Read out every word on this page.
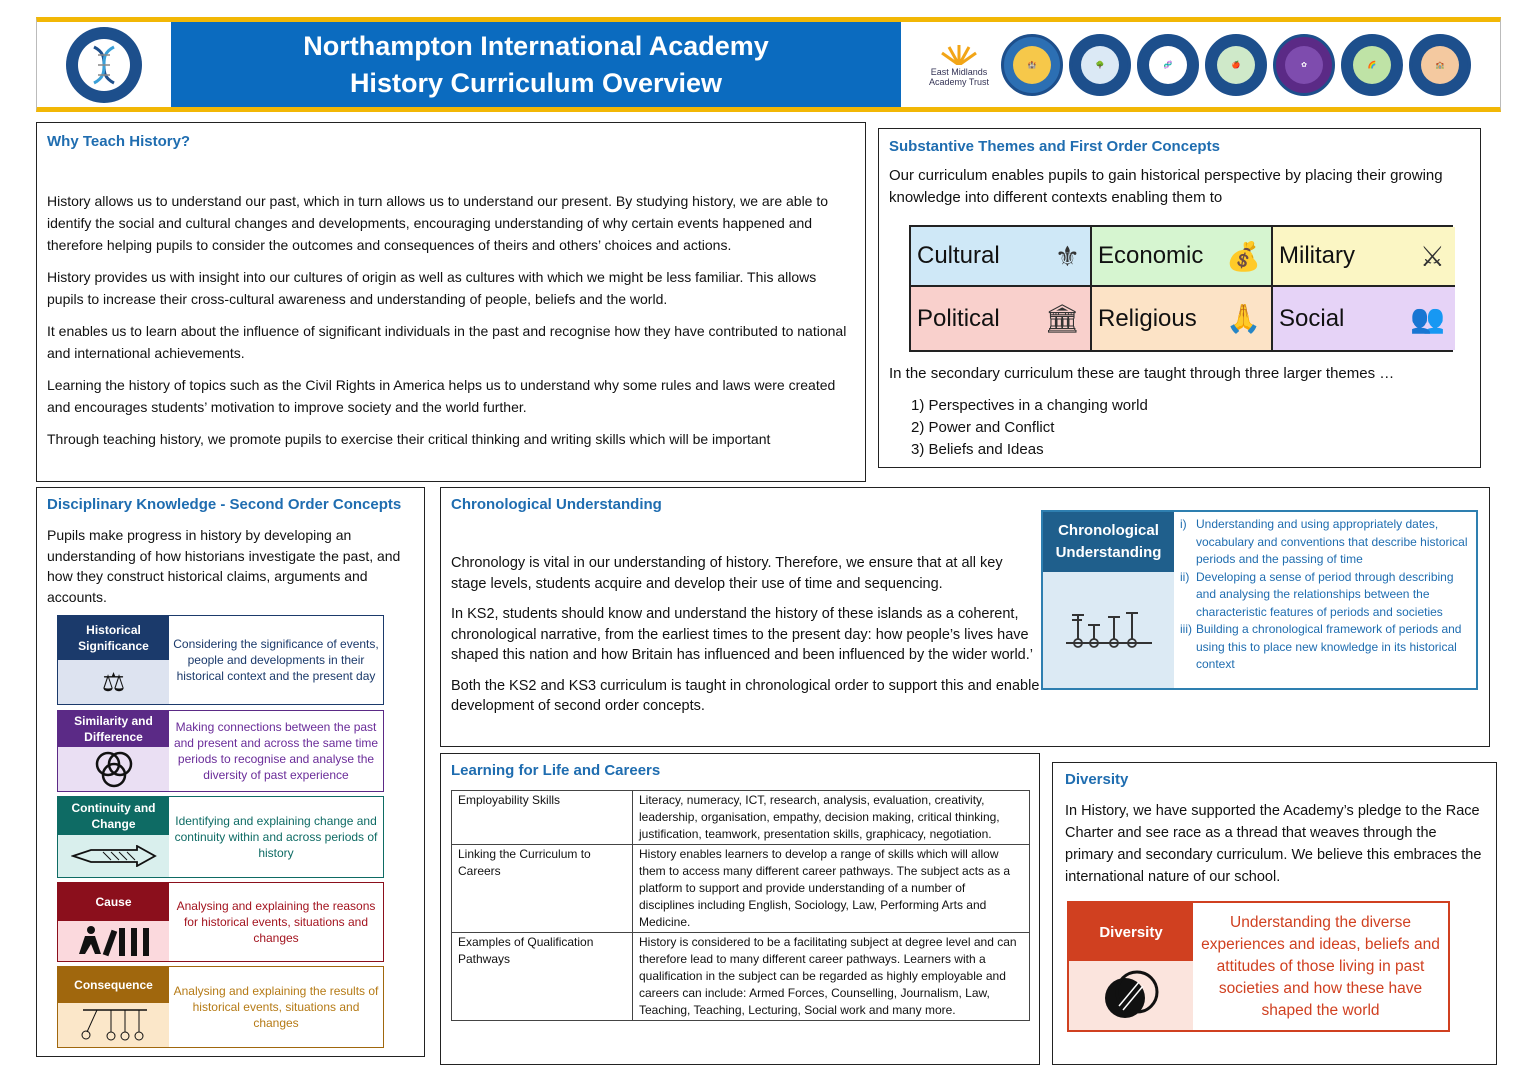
Northampton International Academy
History Curriculum Overview	East Midlands Academy Trust
🏰	🌳	🧬	🍎	✿	🌈	🏫
Why Teach History?

History allows us to understand our past, which in turn allows us to understand our present. By studying history, we are able to identify the social and cultural changes and developments, encouraging understanding of why certain events happened and therefore helping pupils to consider the outcomes and consequences of theirs and others’ choices and actions.

History provides us with insight into our cultures of origin as well as cultures with which we might be less familiar. This allows pupils to increase their cross-cultural awareness and understanding of people, beliefs and the world.

It enables us to learn about the influence of significant individuals in the past and recognise how they have contributed to national and international achievements.

Learning the history of topics such as the Civil Rights in America helps us to understand why some rules and laws were created and encourages students’ motivation to improve society and the world further.

Through teaching history, we promote pupils to exercise their critical thinking and writing skills which will be important

Substantive Themes and First Order Concepts
Our curriculum enables pupils to gain historical perspective by placing their growing knowledge into different contexts enabling them to
Cultural ⚜ Economic 💰 Military ⚔
Political 🏛 Religious 🙏 Social 👥
In the secondary curriculum these are taught through three larger themes …
1) Perspectives in a changing world
2) Power and Conflict
3) Beliefs and Ideas
Disciplinary Knowledge - Second Order Concepts
Pupils make progress in history by developing an understanding of how historians investigate the past, and how they construct historical claims, arguments and accounts.
Historical Significance
⚖
Considering the significance of events, people and developments in their historical context and the present day
Similarity and Difference
Making connections between the past and present and across the same time periods to recognise and analyse the diversity of past experience
Continuity and Change	Identifying and explaining change and continuity within and across periods of history
Cause	Analysing and explaining the reasons for historical events, situations and changes
Consequence	Analysing and explaining the results of historical events, situations and changes
Chronological Understanding

Chronology is vital in our understanding of history. Therefore, we ensure that at all key stage levels, students acquire and develop their use of time and sequencing.

In KS2, students should know and understand the history of these islands as a coherent, chronological narrative, from the earliest times to the present day: how people’s lives have shaped this nation and how Britain has influenced and been influenced by the wider world.’

Both the KS2 and KS3 curriculum is taught in chronological order to support this and enable development of second order concepts.

Chronological Understanding
i) Understanding and using appropriately dates, vocabulary and conventions that describe historical periods and the passing of time
ii) Developing a sense of period through describing and analysing the relationships between the characteristic features of periods and societies
iii) Building a chronological framework of periods and using this to place new knowledge in its historical context
Learning for Life and Careers
Employability Skills	Literacy, numeracy, ICT, research, analysis, evaluation, creativity, leadership, organisation, empathy, decision making, critical thinking, justification, teamwork, presentation skills, graphicacy, negotiation.
Linking the Curriculum to Careers	History enables learners to develop a range of skills which will allow them to access many different career pathways. The subject acts as a platform to support and provide understanding of a number of disciplines including English, Sociology, Law, Performing Arts and Medicine.
Examples of Qualification Pathways	History is considered to be a facilitating subject at degree level and can therefore lead to many different career pathways. Learners with a qualification in the subject can be regarded as highly employable and careers can include: Armed Forces, Counselling, Journalism, Law, Teaching, Teaching, Lecturing, Social work and many more.
Diversity
In History, we have supported the Academy’s pledge to the Race Charter and see race as a thread that weaves through the primary and secondary curriculum. We believe this embraces the international nature of our school.
Diversity
Understanding the diverse experiences and ideas, beliefs and attitudes of those living in past societies and how these have shaped the world
